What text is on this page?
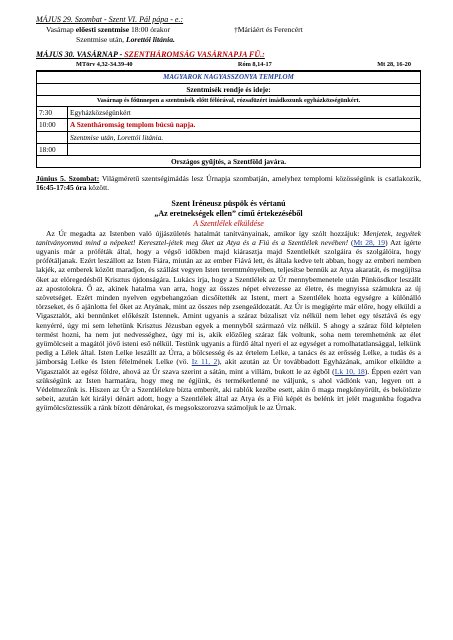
MÁJUS 29. Szombat - Szent VI. Pál pápa - e.:
Vasárnap előesti szentmise 18:00 órakor	†Máriáért és Ferencért
Szentmise után, Lorettói litánia.
MÁJUS 30. VASÁRNAP - SZENTHÁROMSÁG VASÁRNAPJA FÜ.:
MTörv 4,32-34.39-40	Róm 8,14-17	Mt 28, 16-20
MAGYAROK NAGYASSZONYA TEMPLOM	
Szentmisék rendje és ideje:	
Vasárnap és főünnepen a szentmisék előtt félórával, rózsafüzért imádkozunk egyházközségünkért.	
7:30	Egyházközségünkért
10:00	A Szentháromság templom búcsú napja.
	Szentmise után, Lorettói litánia.
18:00	
Országos gyűjtés, a Szentföld javára.	

Június 5. Szombat: Világméretű szentségimádás lesz Úrnapja szombatján, amelyhez templomi közösségünk is csatlakozik, 16:45-17:45 óra között.

Szent Iréneusz püspök és vértanú
„Az eretnekségek ellen” című értekezéséből
A Szentlélek elküldése

Az Úr megadta az Istenben való újjászületés hatalmát tanítványainak, amikor így szólt hozzájuk: Menjetek, tegyétek tanítványommá mind a népeket! Keresztel-jétek meg őket az Atya és a Fiú és a Szentlélek nevében! (Mt 28, 19) Azt ígérte ugyanis már a próféták által, hogy a végső időkben majd kiárasztja majd Szentlelkét szolgáira és szolgálóira, hogy prófétáljanak. Ezért leszállott az Isten Fiára, miután az az ember Fiává lett, és általa kedve telt abban, hogy az emberi nemben lakjék, az emberek között maradjon, és szállást vegyen Isten teremtményeiben, teljesítse bennük az Atya akaratát, és megújítsa őket az elöregedésből Krisztus újdonságára. Lukács írja, hogy a Szentlélek az Úr mennybemenetele után Pünkösdkor leszállt az apostolokra. Ő az, akinek hatalma van arra, hogy az összes népet elvezesse az életre, és megnyissa számukra az új szövetséget. Ezért minden nyelven egybehangzóan dicsőítették az Istent, mert a Szentlélek hozta egységre a különálló törzseket, és ő ajánlotta fel őket az Atyának, mint az összes nép zsengeáldozatát. Az Úr is megígérte már előre, hogy elküldi a Vigasztalót, aki bennünket előkészít Istennek. Amint ugyanis a száraz búzaliszt víz nélkül nem lehet egy tésztává és egy kenyérré, úgy mi sem lehetünk Krisztus Jézusban egyek a mennyből származó víz nélkül. S ahogy a száraz föld képtelen termést hozni, ha nem jut nedvességhez, úgy mi is, akik előzőleg száraz fák voltunk, soha nem teremhetnénk az élet gyümölcseit a magától jövő isteni eső nélkül. Testünk ugyanis a fürdő által nyeri el az egységet a romolhatatlansággal, lelkünk pedig a Lélek által. Isten Lelke leszállt az Úrra, a bölcsesség és az értelem Lelke, a tanács és az erősség Lelke, a tudás és a jámborság Lelke és Isten félelmének Lelke (vö. Iz 11, 2), akit azután az Úr továbbadott Egyházának, amikor elküldte a Vigasztalót az egész földre, ahová az Úr szava szerint a sátán, mint a villám, bukott le az égből (Lk 10, 18). Éppen ezért van szükségünk az Isten harmatára, hogy meg ne égjünk, és terméketlenné ne váljunk, s ahol vádlónk van, legyen ott a Védelmezőnk is. Hiszen az Úr a Szentlélekre bízta emberét, aki rablók kezébe esett, akin ő maga megkönyörült, és bekötözte sebeit, azután két királyi dénárt adott, hogy a Szentlélek által az Atya és a Fiú képét és belénk írt jelét magunkba fogadva gyümölcsöztessük a ránk bízott dénárokat, és megsokszorozva számoljuk le az Úrnak.
